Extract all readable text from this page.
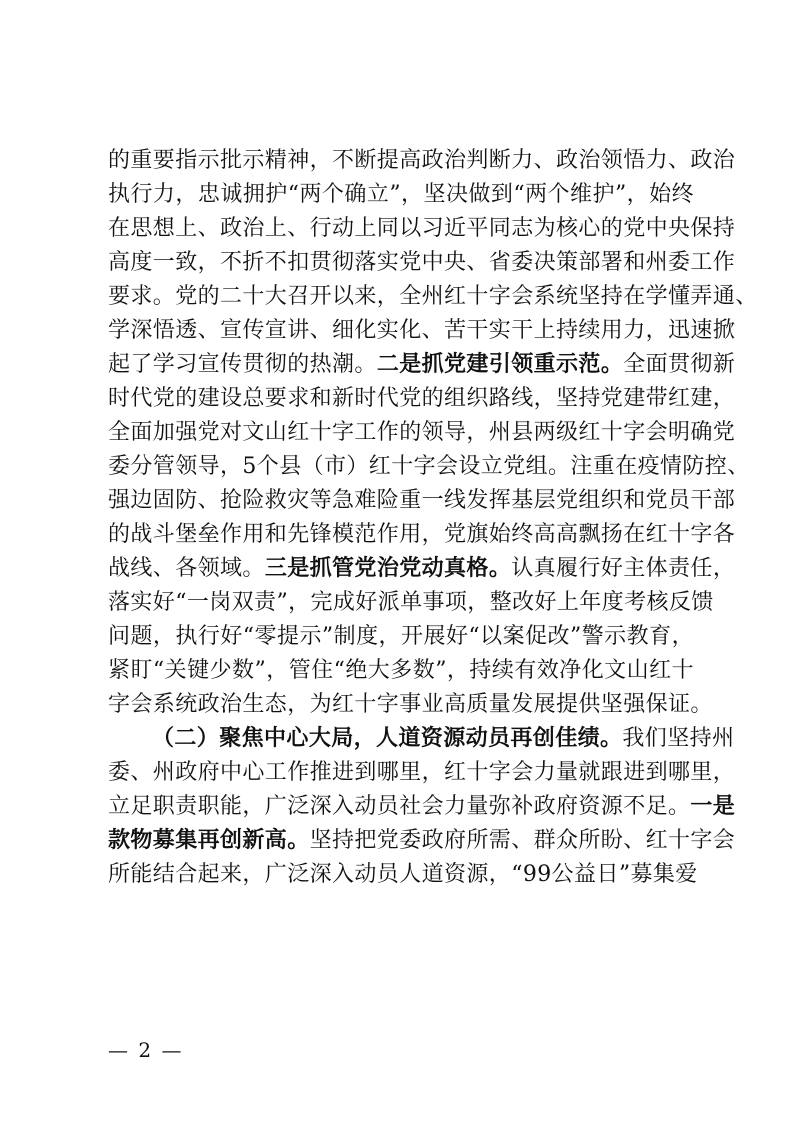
的重要指示批示精神，不断提高政治判断力、政治领悟力、政治
执行力，忠诚拥护“两个确立”，坚决做到“两个维护”，始终
在思想上、政治上、行动上同以习近平同志为核心的党中央保持
高度一致，不折不扣贯彻落实党中央、省委决策部署和州委工作
要求。党的二十大召开以来，全州红十字会系统坚持在学懂弄通、
学深悟透、宣传宣讲、细化实化、苦干实干上持续用力，迅速掀
起了学习宣传贯彻的热潮。二是抓党建引领重示范。全面贯彻新
时代党的建设总要求和新时代党的组织路线，坚持党建带红建，
全面加强党对文山红十字工作的领导，州县两级红十字会明确党
委分管领导，5个县（市）红十字会设立党组。注重在疫情防控、
强边固防、抢险救灾等急难险重一线发挥基层党组织和党员干部
的战斗堡垒作用和先锋模范作用，党旗始终高高飘扬在红十字各
战线、各领域。三是抓管党治党动真格。认真履行好主体责任，
落实好“一岗双责”，完成好派单事项，整改好上年度考核反馈
问题，执行好“零提示”制度，开展好“以案促改”警示教育，
紧盯“关键少数”，管住“绝大多数”，持续有效净化文山红十
字会系统政治生态，为红十字事业高质量发展提供坚强保证。
（二）聚焦中心大局，人道资源动员再创佳绩。我们坚持州
委、州政府中心工作推进到哪里，红十字会力量就跟进到哪里，
立足职责职能，广泛深入动员社会力量弥补政府资源不足。一是
款物募集再创新高。坚持把党委政府所需、群众所盼、红十字会
所能结合起来，广泛深入动员人道资源，“99公益日”募集爱
— 2 —
